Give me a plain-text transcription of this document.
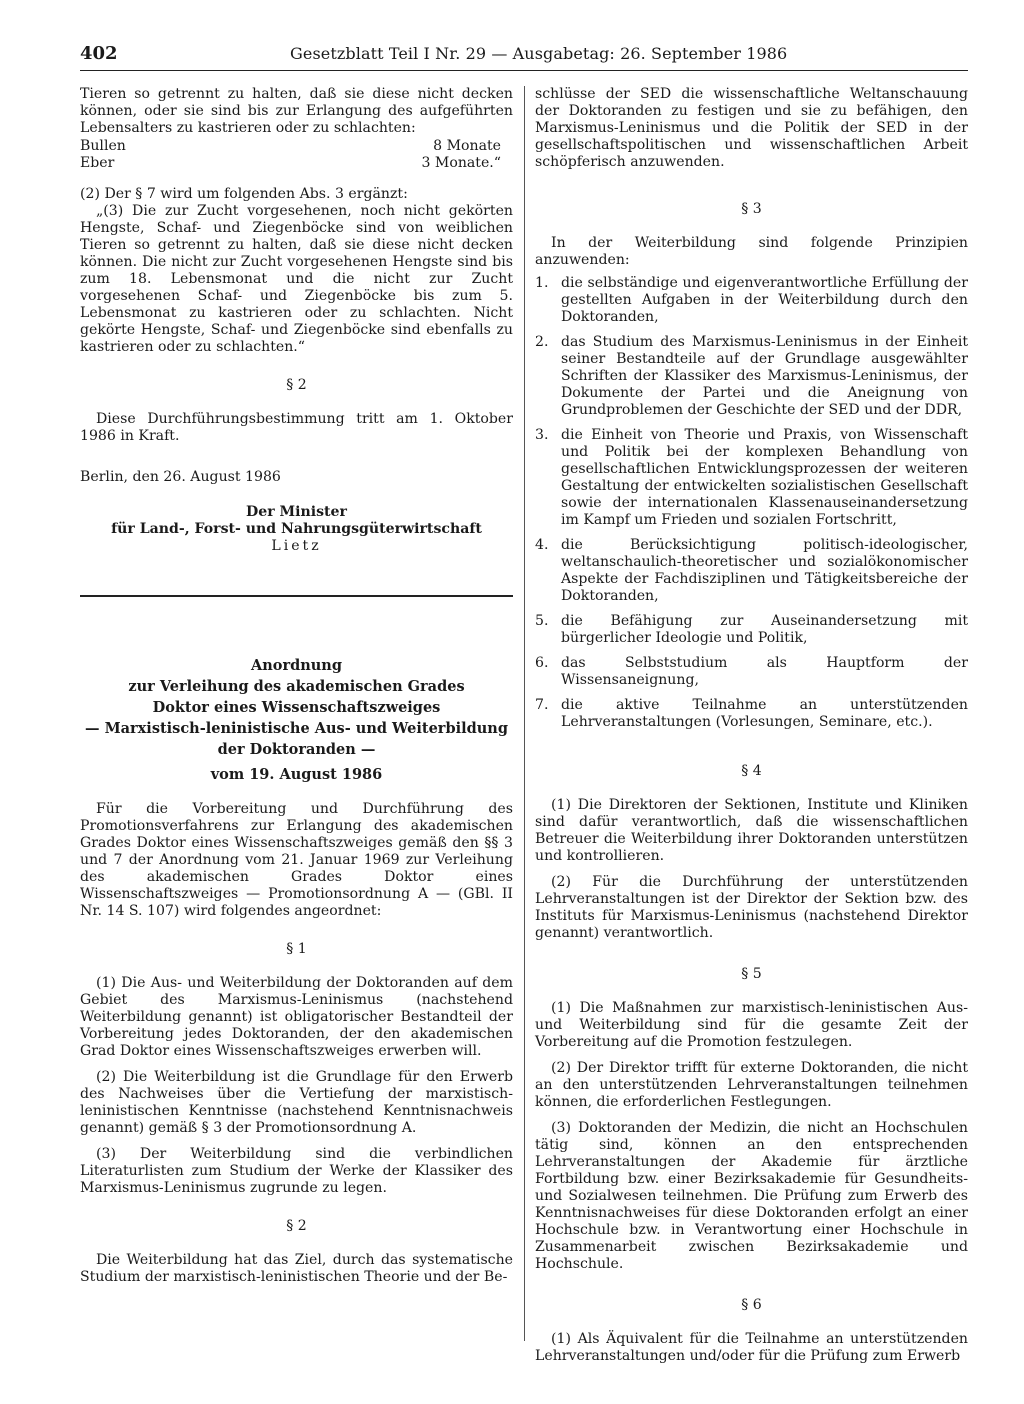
402	Gesetzblatt Teil I Nr. 29 — Ausgabetag: 26. September 1986

Tieren so getrennt zu halten, daß sie diese nicht decken können, oder sie sind bis zur Erlangung des aufgeführten Lebensalters zu kastrieren oder zu schlachten:

Bullen	8 Monate
Eber	3 Monate.“

(2) Der § 7 wird um folgenden Abs. 3 ergänzt:

„(3) Die zur Zucht vorgesehenen, noch nicht gekörten Hengste, Schaf- und Ziegenböcke sind von weiblichen Tieren so getrennt zu halten, daß sie diese nicht decken können. Die nicht zur Zucht vorgesehenen Hengste sind bis zum 18. Lebensmonat und die nicht zur Zucht vorgesehenen Schaf- und Ziegenböcke bis zum 5. Lebensmonat zu kastrieren oder zu schlachten. Nicht gekörte Hengste, Schaf- und Ziegenböcke sind ebenfalls zu kastrieren oder zu schlachten.“

§ 2

Diese Durchführungsbestimmung tritt am 1. Oktober 1986 in Kraft.

Berlin, den 26. August 1986

Der Minister

für Land-, Forst- und Nahrungsgüterwirtschaft

Lietz

Anordnung

zur Verleihung des akademischen Grades

Doktor eines Wissenschaftszweiges

— Marxistisch-leninistische Aus- und Weiterbildung

der Doktoranden —

vom 19. August 1986

Für die Vorbereitung und Durchführung des Promotionsverfahrens zur Erlangung des akademischen Grades Doktor eines Wissenschaftszweiges gemäß den §§ 3 und 7 der Anordnung vom 21. Januar 1969 zur Verleihung des akademischen Grades Doktor eines Wissenschaftszweiges — Promotionsordnung A — (GBl. II Nr. 14 S. 107) wird folgendes angeordnet:

§ 1

(1) Die Aus- und Weiterbildung der Doktoranden auf dem Gebiet des Marxismus-Leninismus (nachstehend Weiterbildung genannt) ist obligatorischer Bestandteil der Vorbereitung jedes Doktoranden, der den akademischen Grad Doktor eines Wissenschaftszweiges erwerben will.

(2) Die Weiterbildung ist die Grundlage für den Erwerb des Nachweises über die Vertiefung der marxistisch-leninistischen Kenntnisse (nachstehend Kenntnisnachweis genannt) gemäß § 3 der Promotionsordnung A.

(3) Der Weiterbildung sind die verbindlichen Literaturlisten zum Studium der Werke der Klassiker des Marxismus-Leninismus zugrunde zu legen.

§ 2

Die Weiterbildung hat das Ziel, durch das systematische Studium der marxistisch-leninistischen Theorie und der Be-

schlüsse der SED die wissenschaftliche Weltanschauung der Doktoranden zu festigen und sie zu befähigen, den Marxismus-Leninismus und die Politik der SED in der gesellschaftspolitischen und wissenschaftlichen Arbeit schöpferisch anzuwenden.

§ 3

In der Weiterbildung sind folgende Prinzipien anzuwenden:

1. die selbständige und eigenverantwortliche Erfüllung der gestellten Aufgaben in der Weiterbildung durch den Doktoranden,
2. das Studium des Marxismus-Leninismus in der Einheit seiner Bestandteile auf der Grundlage ausgewählter Schriften der Klassiker des Marxismus-Leninismus, der Dokumente der Partei und die Aneignung von Grundproblemen der Geschichte der SED und der DDR,
3. die Einheit von Theorie und Praxis, von Wissenschaft und Politik bei der komplexen Behandlung von gesellschaftlichen Entwicklungsprozessen der weiteren Gestaltung der entwickelten sozialistischen Gesellschaft sowie der internationalen Klassenauseinandersetzung im Kampf um Frieden und sozialen Fortschritt,
4. die Berücksichtigung politisch-ideologischer, weltanschaulich-theoretischer und sozialökonomischer Aspekte der Fachdisziplinen und Tätigkeitsbereiche der Doktoranden,
5. die Befähigung zur Auseinandersetzung mit bürgerlicher Ideologie und Politik,
6. das Selbststudium als Hauptform der Wissensaneignung,
7. die aktive Teilnahme an unterstützenden Lehrveranstaltungen (Vorlesungen, Seminare, etc.).

§ 4

(1) Die Direktoren der Sektionen, Institute und Kliniken sind dafür verantwortlich, daß die wissenschaftlichen Betreuer die Weiterbildung ihrer Doktoranden unterstützen und kontrollieren.

(2) Für die Durchführung der unterstützenden Lehrveranstaltungen ist der Direktor der Sektion bzw. des Instituts für Marxismus-Leninismus (nachstehend Direktor genannt) verantwortlich.

§ 5

(1) Die Maßnahmen zur marxistisch-leninistischen Aus- und Weiterbildung sind für die gesamte Zeit der Vorbereitung auf die Promotion festzulegen.

(2) Der Direktor trifft für externe Doktoranden, die nicht an den unterstützenden Lehrveranstaltungen teilnehmen können, die erforderlichen Festlegungen.

(3) Doktoranden der Medizin, die nicht an Hochschulen tätig sind, können an den entsprechenden Lehrveranstaltungen der Akademie für ärztliche Fortbildung bzw. einer Bezirksakademie für Gesundheits- und Sozialwesen teilnehmen. Die Prüfung zum Erwerb des Kenntnisnachweises für diese Doktoranden erfolgt an einer Hochschule bzw. in Verantwortung einer Hochschule in Zusammenarbeit zwischen Bezirksakademie und Hochschule.

§ 6

(1) Als Äquivalent für die Teilnahme an unterstützenden Lehrveranstaltungen und/oder für die Prüfung zum Erwerb
